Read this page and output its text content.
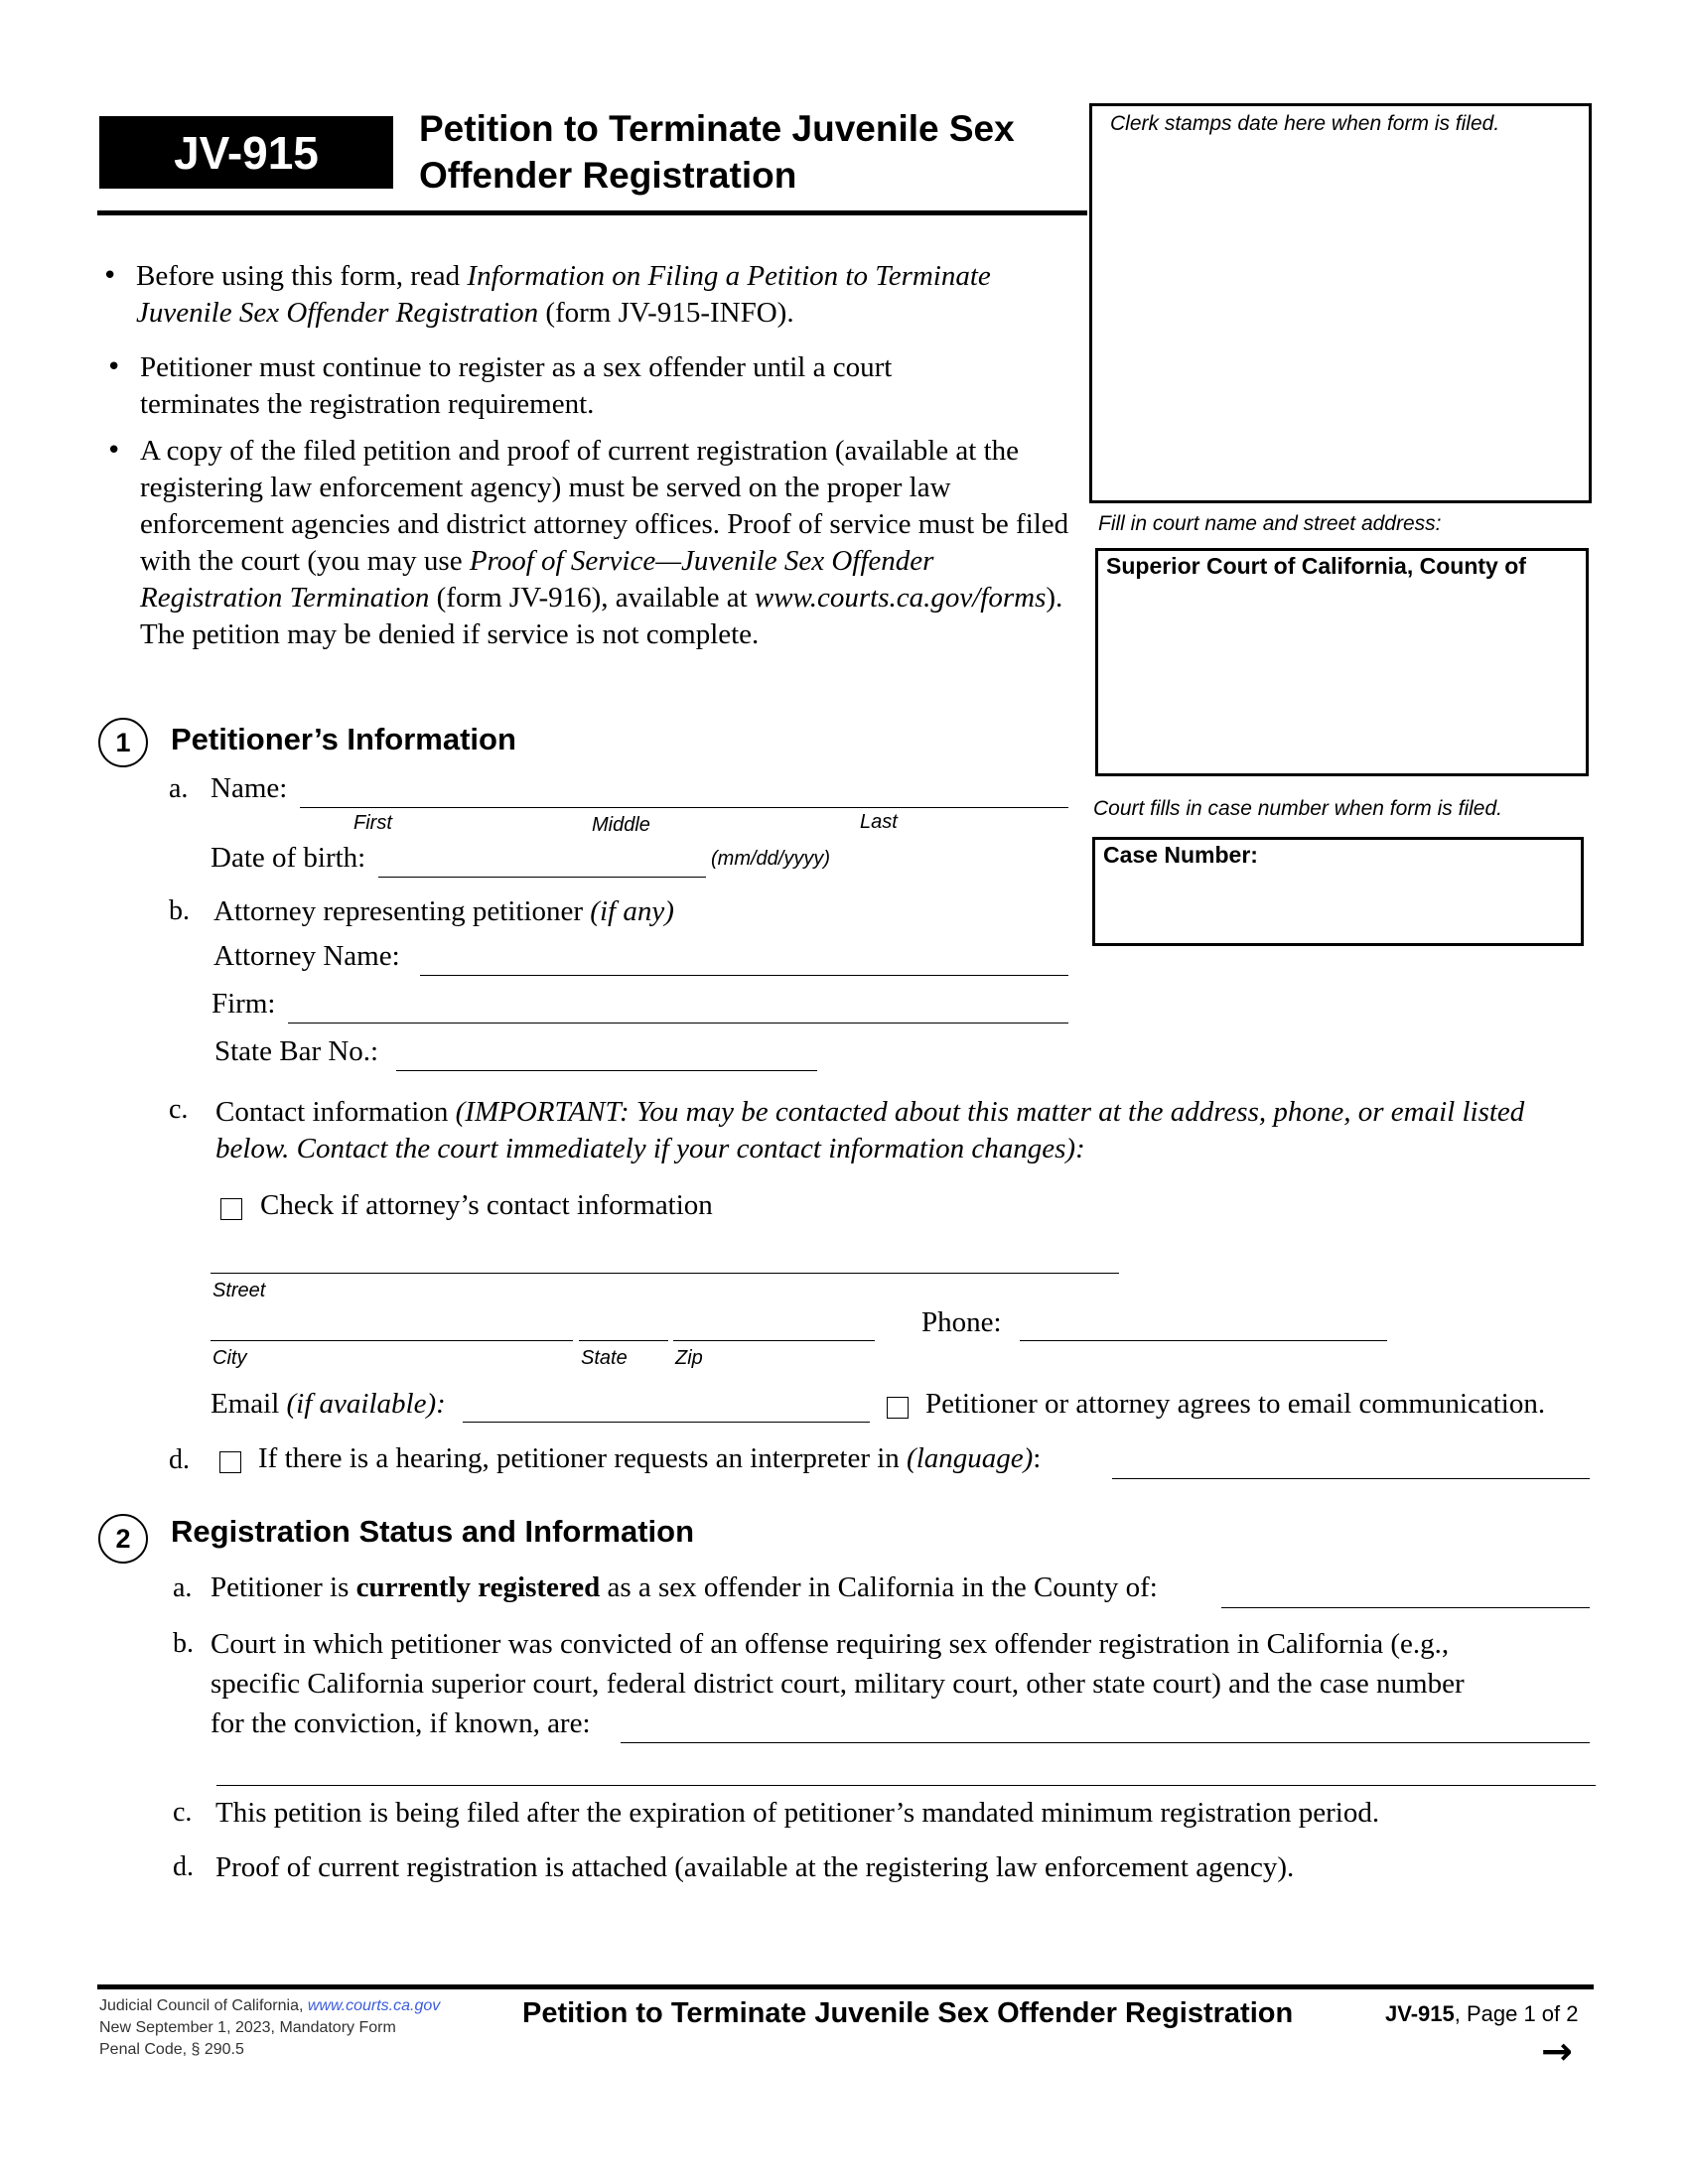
JV-915	Petition to Terminate Juvenile Sex
Offender Registration
Clerk stamps date here when form is filed.
Fill in court name and street address:
Superior Court of California, County of
Court fills in case number when form is filed.
Case Number:
• Before using this form, read Information on Filing a Petition to Terminate Juvenile Sex Offender Registration (form JV-915-INFO).
• Petitioner must continue to register as a sex offender until a court terminates the registration requirement.
• A copy of the filed petition and proof of current registration (available at the registering law enforcement agency) must be served on the proper law enforcement agencies and district attorney offices. Proof of service must be filed with the court (you may use Proof of Service—Juvenile Sex Offender Registration Termination (form JV-916), available at www.courts.ca.gov/forms). The petition may be denied if service is not complete.
1	Petitioner’s Information
a. Name:
First	Middle	Last
Date of birth:	(mm/dd/yyyy)
b. Attorney representing petitioner (if any)
Attorney Name:
Firm:
State Bar No.:
c. Contact information (IMPORTANT: You may be contacted about this matter at the address, phone, or email listed below. Contact the court immediately if your contact information changes):
Check if attorney’s contact information
Street
City	State Zip
Phone:
Email (if available):	Petitioner or attorney agrees to email communication.
d. If there is a hearing, petitioner requests an interpreter in (language):
2	Registration Status and Information
a. Petitioner is currently registered as a sex offender in California in the County of:
b. Court in which petitioner was convicted of an offense requiring sex offender registration in California (e.g.,
specific California superior court, federal district court, military court, other state court) and the case number
for the conviction, if known, are:
c. This petition is being filed after the expiration of petitioner’s mandated minimum registration period.
d. Proof of current registration is attached (available at the registering law enforcement agency).
Judicial Council of California, www.courts.ca.gov
New September 1, 2023, Mandatory Form
Penal Code, § 290.5
Petition to Terminate Juvenile Sex Offender Registration	JV-915, Page 1 of 2
→
